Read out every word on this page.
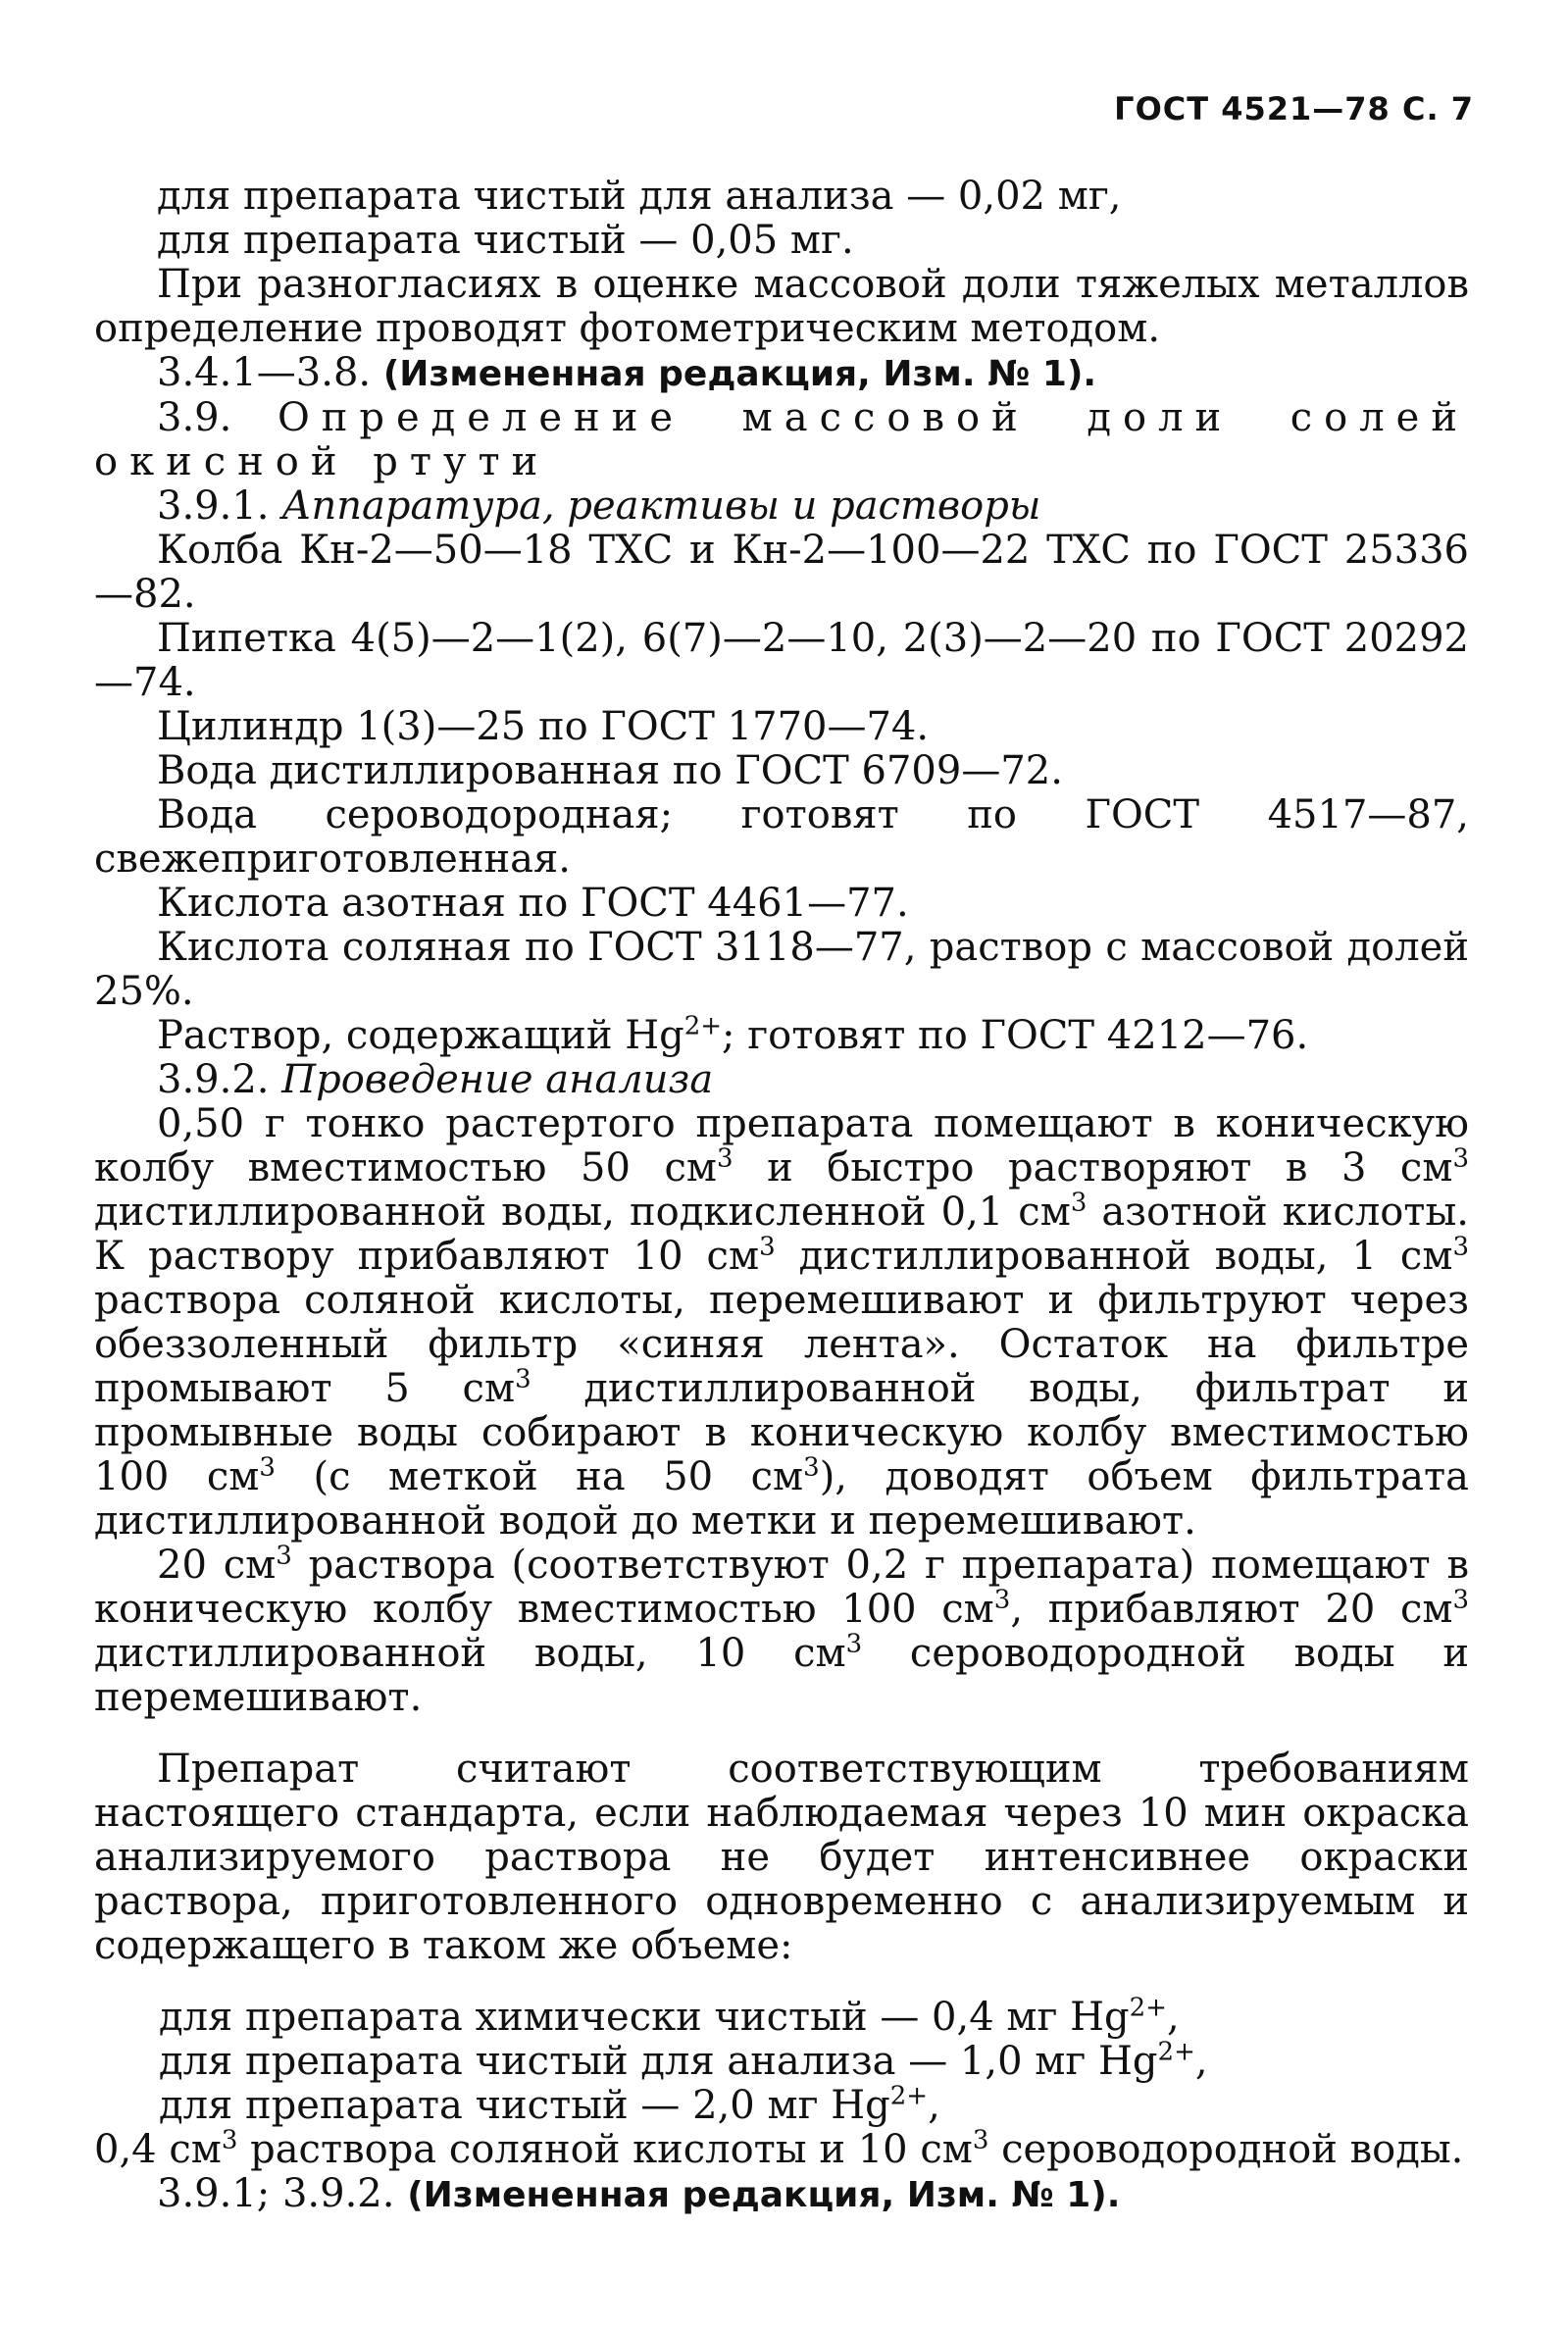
ГОСТ 4521—78 С. 7

для препарата чистый для анализа — 0,02 мг,

для препарата чистый — 0,05 мг.

При разногласиях в оценке массовой доли тяжелых металлов определение проводят фотометрическим методом.

3.4.1—3.8. (Измененная редакция, Изм. № 1).

3.9. Определение массовой доли солей окисной ртути

3.9.1. Аппаратура, реактивы и растворы

Колба Кн-2—50—18 ТХС и Кн-2—100—22 ТХС по ГОСТ 25336—82.

Пипетка 4(5)—2—1(2), 6(7)—2—10, 2(3)—2—20 по ГОСТ 20292—74.

Цилиндр 1(3)—25 по ГОСТ 1770—74.

Вода дистиллированная по ГОСТ 6709—72.

Вода сероводородная; готовят по ГОСТ 4517—87, свежеприготовленная.

Кислота азотная по ГОСТ 4461—77.

Кислота соляная по ГОСТ 3118—77, раствор с массовой долей 25%.

Раствор, содержащий $Hg^{2+}$; готовят по ГОСТ 4212—76.

3.9.2. Проведение анализа

0,50 г тонко растертого препарата помещают в коническую колбу вместимостью 50 $см^3$ и быстро растворяют в 3 $см^3$ дистиллированной воды, подкисленной 0,1 $см^3$ азотной кислоты. К раствору прибавляют 10 $см^3$ дистиллированной воды, 1 $см^3$ раствора соляной кислоты, перемешивают и фильтруют через обеззоленный фильтр «синяя лента». Остаток на фильтре промывают 5 $см^3$ дистиллированной воды, фильтрат и промывные воды собирают в коническую колбу вместимостью 100 $см^3$ (с меткой на 50 $см^3$), доводят объем фильтрата дистиллированной водой до метки и перемешивают.

20 $см^3$ раствора (соответствуют 0,2 г препарата) помещают в коническую колбу вместимостью 100 $см^3$, прибавляют 20 $см^3$ дистиллированной воды, 10 $см^3$ сероводородной воды и перемешивают.

Препарат считают соответствующим требованиям настоящего стандарта, если наблюдаемая через 10 мин окраска анализируемого раствора не будет интенсивнее окраски раствора, приготовленного одновременно с анализируемым и содержащего в таком же объеме:

для препарата химически чистый — 0,4 мг $Hg^{2+}$,

для препарата чистый для анализа — 1,0 мг $Hg^{2+}$,

для препарата чистый — 2,0 мг $Hg^{2+}$,

0,4 $см^3$ раствора соляной кислоты и 10 $см^3$ сероводородной воды.

3.9.1; 3.9.2. (Измененная редакция, Изм. № 1).
